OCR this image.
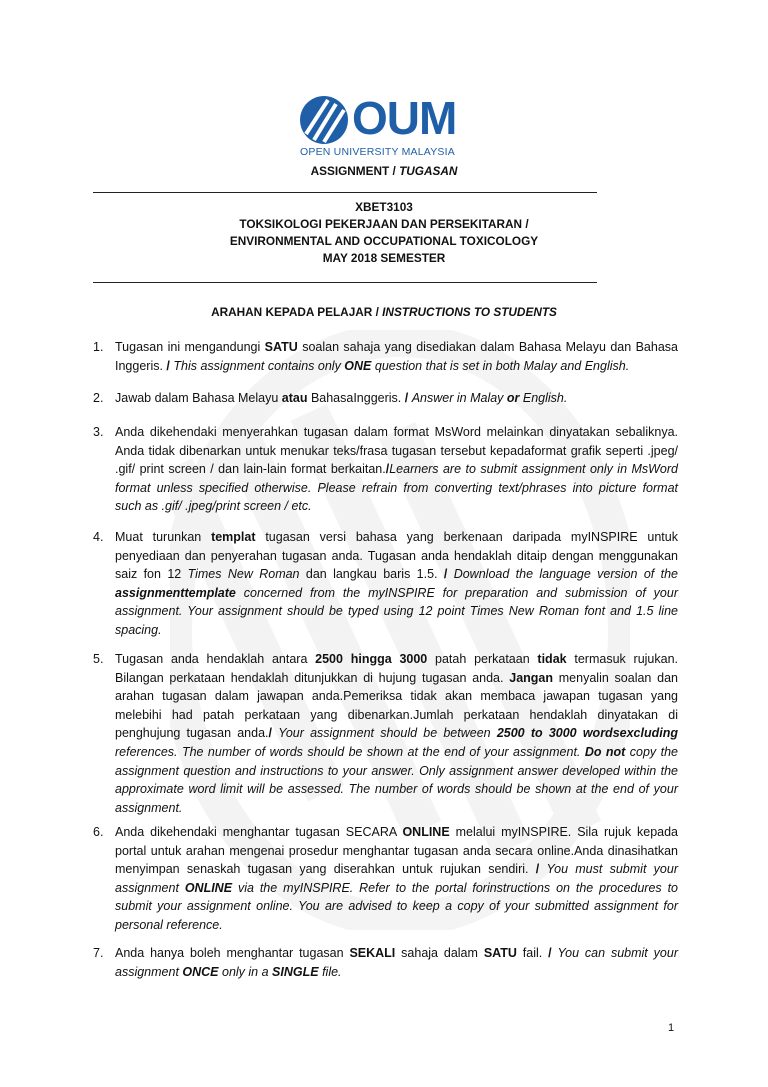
OUM
OPEN UNIVERSITY MALAYSIA
ASSIGNMENT / TUGASAN
XBET3103
TOKSIKOLOGI PEKERJAAN DAN PERSEKITARAN /
ENVIRONMENTAL AND OCCUPATIONAL TOXICOLOGY
MAY 2018 SEMESTER
ARAHAN KEPADA PELAJAR / INSTRUCTIONS TO STUDENTS
1. Tugasan ini mengandungi SATU soalan sahaja yang disediakan dalam Bahasa Melayu dan Bahasa Inggeris. / This assignment contains only ONE question that is set in both Malay and English.
2. Jawab dalam Bahasa Melayu atau BahasaInggeris. / Answer in Malay or English.
3. Anda dikehendaki menyerahkan tugasan dalam format MsWord melainkan dinyatakan sebaliknya. Anda tidak dibenarkan untuk menukar teks/frasa tugasan tersebut kepadaformat grafik seperti .jpeg/ .gif/ print screen / dan lain-lain format berkaitan./Learners are to submit assignment only in MsWord format unless specified otherwise. Please refrain from converting text/phrases into picture format such as .gif/ .jpeg/print screen / etc.
4. Muat turunkan templat tugasan versi bahasa yang berkenaan daripada myINSPIRE untuk penyediaan dan penyerahan tugasan anda. Tugasan anda hendaklah ditaip dengan menggunakan saiz fon 12 Times New Roman dan langkau baris 1.5. / Download the language version of the assignmenttemplate concerned from the myINSPIRE for preparation and submission of your assignment. Your assignment should be typed using 12 point Times New Roman font and 1.5 line spacing.
5. Tugasan anda hendaklah antara 2500 hingga 3000 patah perkataan tidak termasuk rujukan. Bilangan perkataan hendaklah ditunjukkan di hujung tugasan anda. Jangan menyalin soalan dan arahan tugasan dalam jawapan anda.Pemeriksa tidak akan membaca jawapan tugasan yang melebihi had patah perkataan yang dibenarkan.Jumlah perkataan hendaklah dinyatakan di penghujung tugasan anda./ Your assignment should be between 2500 to 3000 wordsexcluding references. The number of words should be shown at the end of your assignment. Do not copy the assignment question and instructions to your answer. Only assignment answer developed within the approximate word limit will be assessed. The number of words should be shown at the end of your assignment.
6. Anda dikehendaki menghantar tugasan SECARA ONLINE melalui myINSPIRE. Sila rujuk kepada portal untuk arahan mengenai prosedur menghantar tugasan anda secara online.Anda dinasihatkan menyimpan senaskah tugasan yang diserahkan untuk rujukan sendiri. / You must submit your assignment ONLINE via the myINSPIRE. Refer to the portal forinstructions on the procedures to submit your assignment online. You are advised to keep a copy of your submitted assignment for personal reference.
7. Anda hanya boleh menghantar tugasan SEKALI sahaja dalam SATU fail. / You can submit your assignment ONCE only in a SINGLE file.
1
